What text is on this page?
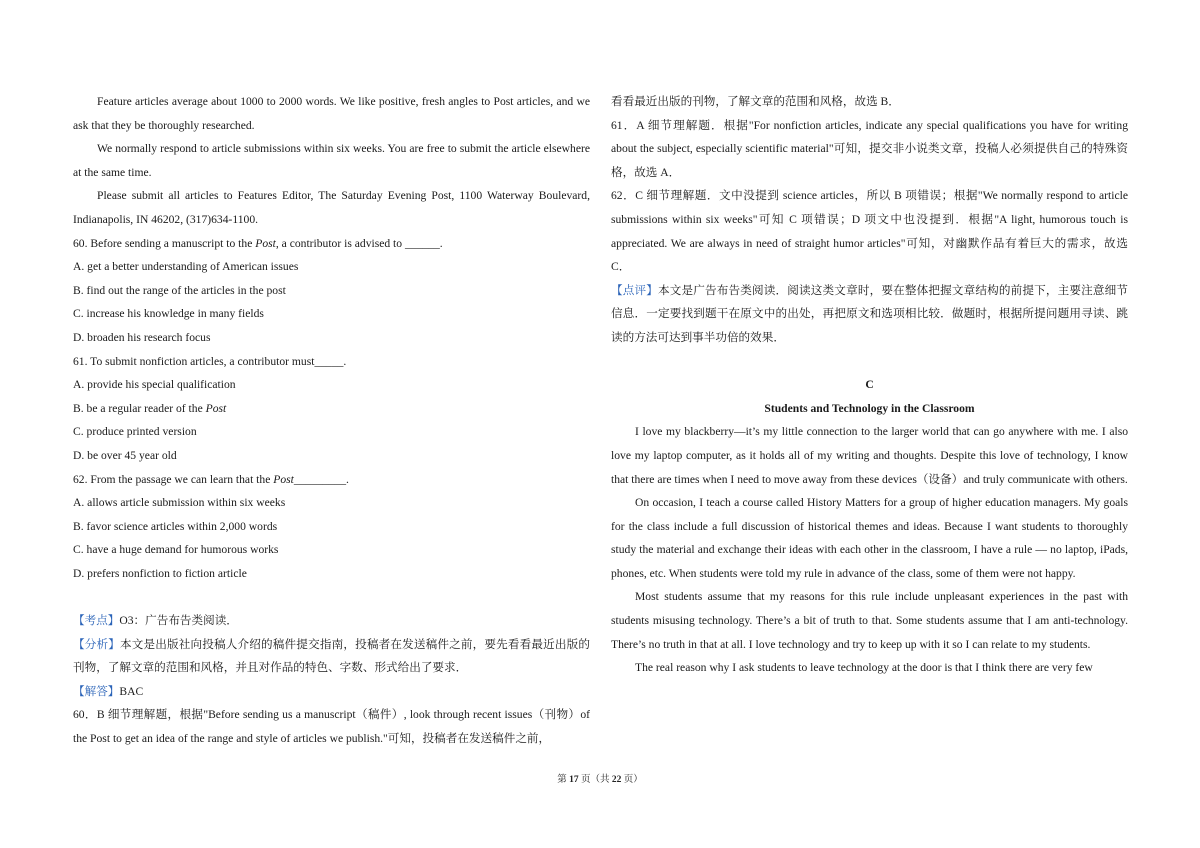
Feature articles average about 1000 to 2000 words. We like positive, fresh angles to Post articles, and we ask that they be thoroughly researched.

We normally respond to article submissions within six weeks. You are free to submit the article elsewhere at the same time.

Please submit all articles to Features Editor, The Saturday Evening Post, 1100 Waterway Boulevard, Indianapolis, IN 46202, (317)634-1100.

60. Before sending a manuscript to the Post, a contributor is advised to ______.

A. get a better understanding of American issues

B. find out the range of the articles in the post

C. increase his knowledge in many fields

D. broaden his research focus

61. To submit nonfiction articles, a contributor must_____.

A. provide his special qualification

B. be a regular reader of the Post

C. produce printed version

D. be over 45 year old

62. From the passage we can learn that the Post_________.

A. allows article submission within six weeks

B. favor science articles within 2,000 words

C. have a huge demand for humorous works

D. prefers nonfiction to fiction article

【考点】O3：广告布告类阅读．

【分析】本文是出版社向投稿人介绍的稿件提交指南，投稿者在发送稿件之前，要先看看最近出版的刊物，了解文章的范围和风格，并且对作品的特色、字数、形式给出了要求．

【解答】BAC

60．B 细节理解题，根据"Before sending us a manuscript（稿件）, look through recent issues（刊物）of the Post to get an idea of the range and style of articles we publish."可知，投稿者在发送稿件之前，

看看最近出版的刊物，了解文章的范围和风格，故选 B．

61．A 细节理解题．根据"For nonfiction articles, indicate any special qualifications you have for writing about the subject, especially scientific material"可知，提交非小说类文章，投稿人必须提供自己的特殊资格，故选 A．

62．C 细节理解题．文中没提到 science articles，所以 B 项错误；根据"We normally respond to article submissions within six weeks"可知 C 项错误；D 项文中也没提到．根据"A light, humorous touch is appreciated. We are always in need of straight humor articles"可知，对幽默作品有着巨大的需求，故选 C．

【点评】本文是广告布告类阅读．阅读这类文章时，要在整体把握文章结构的前提下，主要注意细节信息．一定要找到题干在原文中的出处，再把原文和选项相比较．做题时，根据所提问题用寻读、跳读的方法可达到事半功倍的效果．

C

Students and Technology in the Classroom

I love my blackberry—it’s my little connection to the larger world that can go anywhere with me. I also love my laptop computer, as it holds all of my writing and thoughts. Despite this love of technology, I know that there are times when I need to move away from these devices（设备）and truly communicate with others.

On occasion, I teach a course called History Matters for a group of higher education managers. My goals for the class include a full discussion of historical themes and ideas. Because I want students to thoroughly study the material and exchange their ideas with each other in the classroom, I have a rule — no laptop, iPads, phones, etc. When students were told my rule in advance of the class, some of them were not happy.

Most students assume that my reasons for this rule include unpleasant experiences in the past with students misusing technology. There’s a bit of truth to that. Some students assume that I am anti-technology. There’s no truth in that at all. I love technology and try to keep up with it so I can relate to my students.

The real reason why I ask students to leave technology at the door is that I think there are very few

第 17 页（共 22 页）
